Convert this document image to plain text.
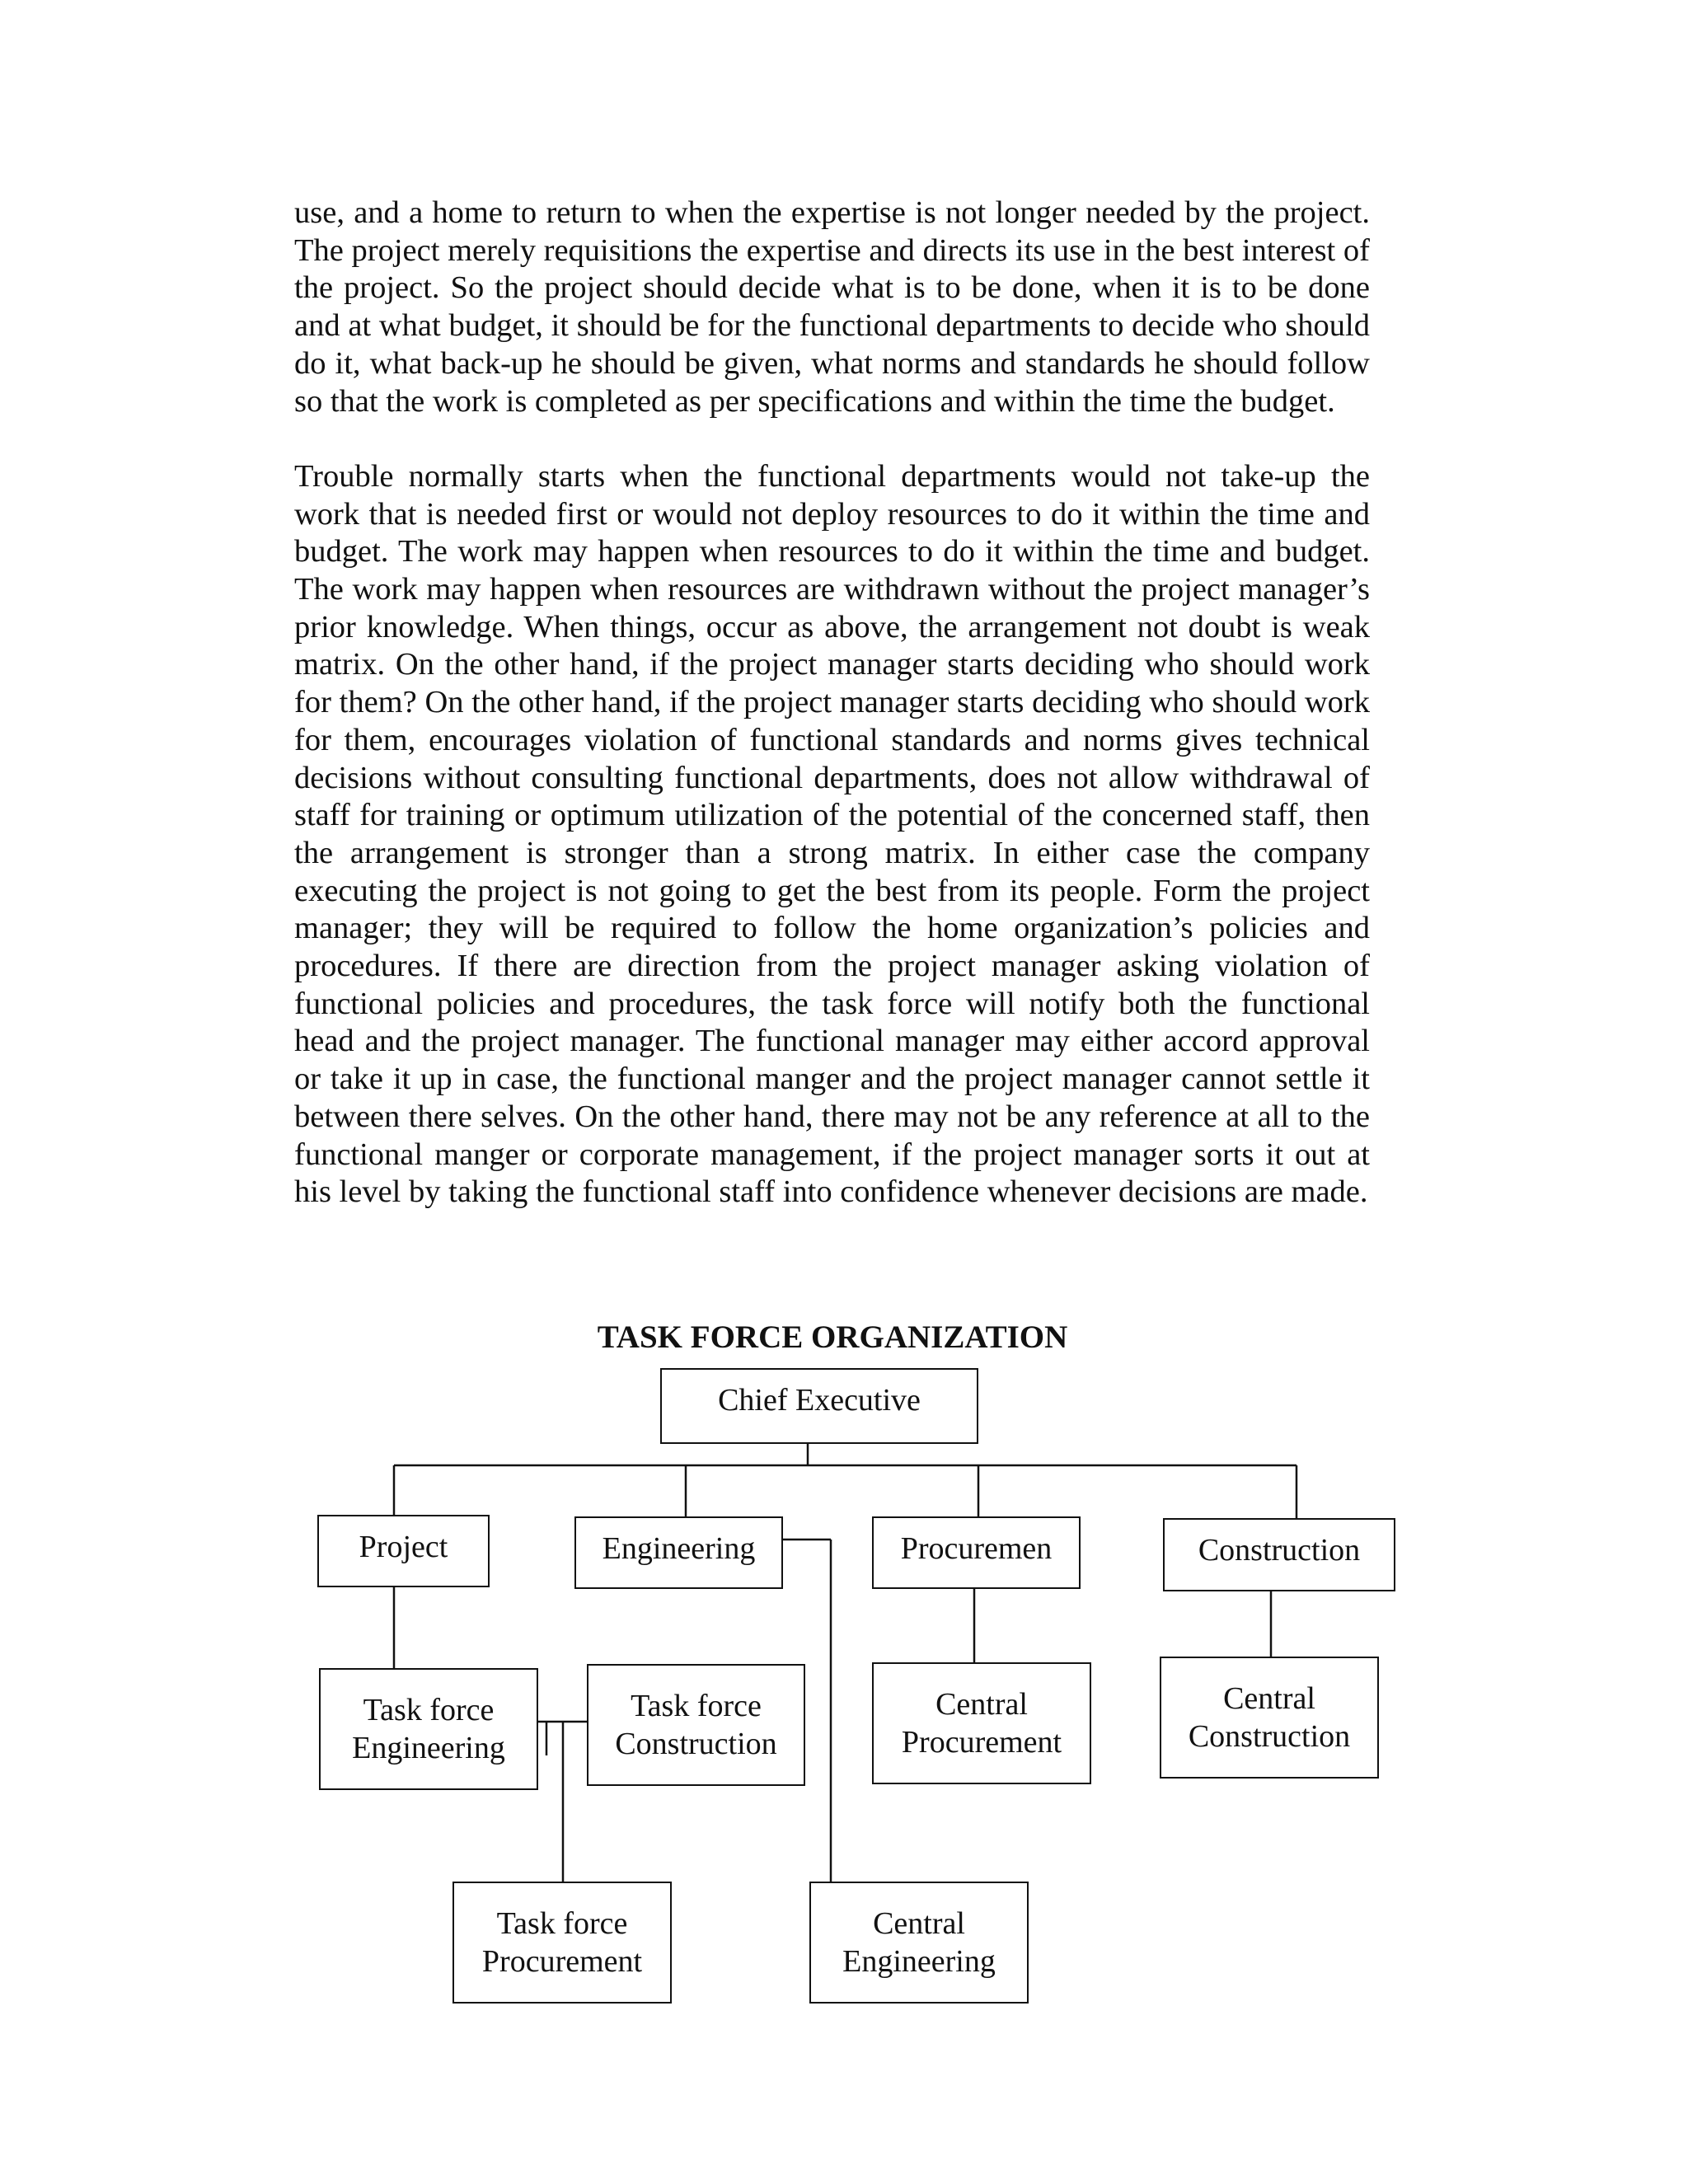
use, and a home to return to when the expertise is not longer needed by the project. The project merely requisitions the expertise and directs its use in the best interest of the project. So the project should decide what is to be done, when it is to be done and at what budget, it should be for the functional departments to decide who should do it, what back-up he should be given, what norms and standards he should follow so that the work is completed as per specifications and within the time the budget.

Trouble normally starts when the functional departments would not take-up the work that is needed first or would not deploy resources to do it within the time and budget. The work may happen when resources to do it within the time and budget. The work may happen when resources are withdrawn without the project manager’s prior knowledge. When things, occur as above, the arrangement not doubt is weak matrix. On the other hand, if the project manager starts deciding who should work for them? On the other hand, if the project manager starts deciding who should work for them, encourages violation of functional standards and norms gives technical decisions without consulting functional departments, does not allow withdrawal of staff for training or optimum utilization of the potential of the concerned staff, then the arrangement is stronger than a strong matrix. In either case the company executing the project is not going to get the best from its people. Form the project manager; they will be required to follow the home organization’s policies and procedures. If there are direction from the project manager asking violation of functional policies and procedures, the task force will notify both the functional head and the project manager. The functional manager may either accord approval or take it up in case, the functional manger and the project manager cannot settle it between there selves. On the other hand, there may not be any reference at all to the functional manger or corporate management, if the project manager sorts it out at his level by taking the functional staff into confidence whenever decisions are made.

TASK FORCE ORGANIZATION
Chief Executive
Project	Engineering	Procuremen	Construction
Task force
Engineering
Task force
Construction
Central
Procurement
Central
Construction
Task force
Procurement
Central
Engineering
